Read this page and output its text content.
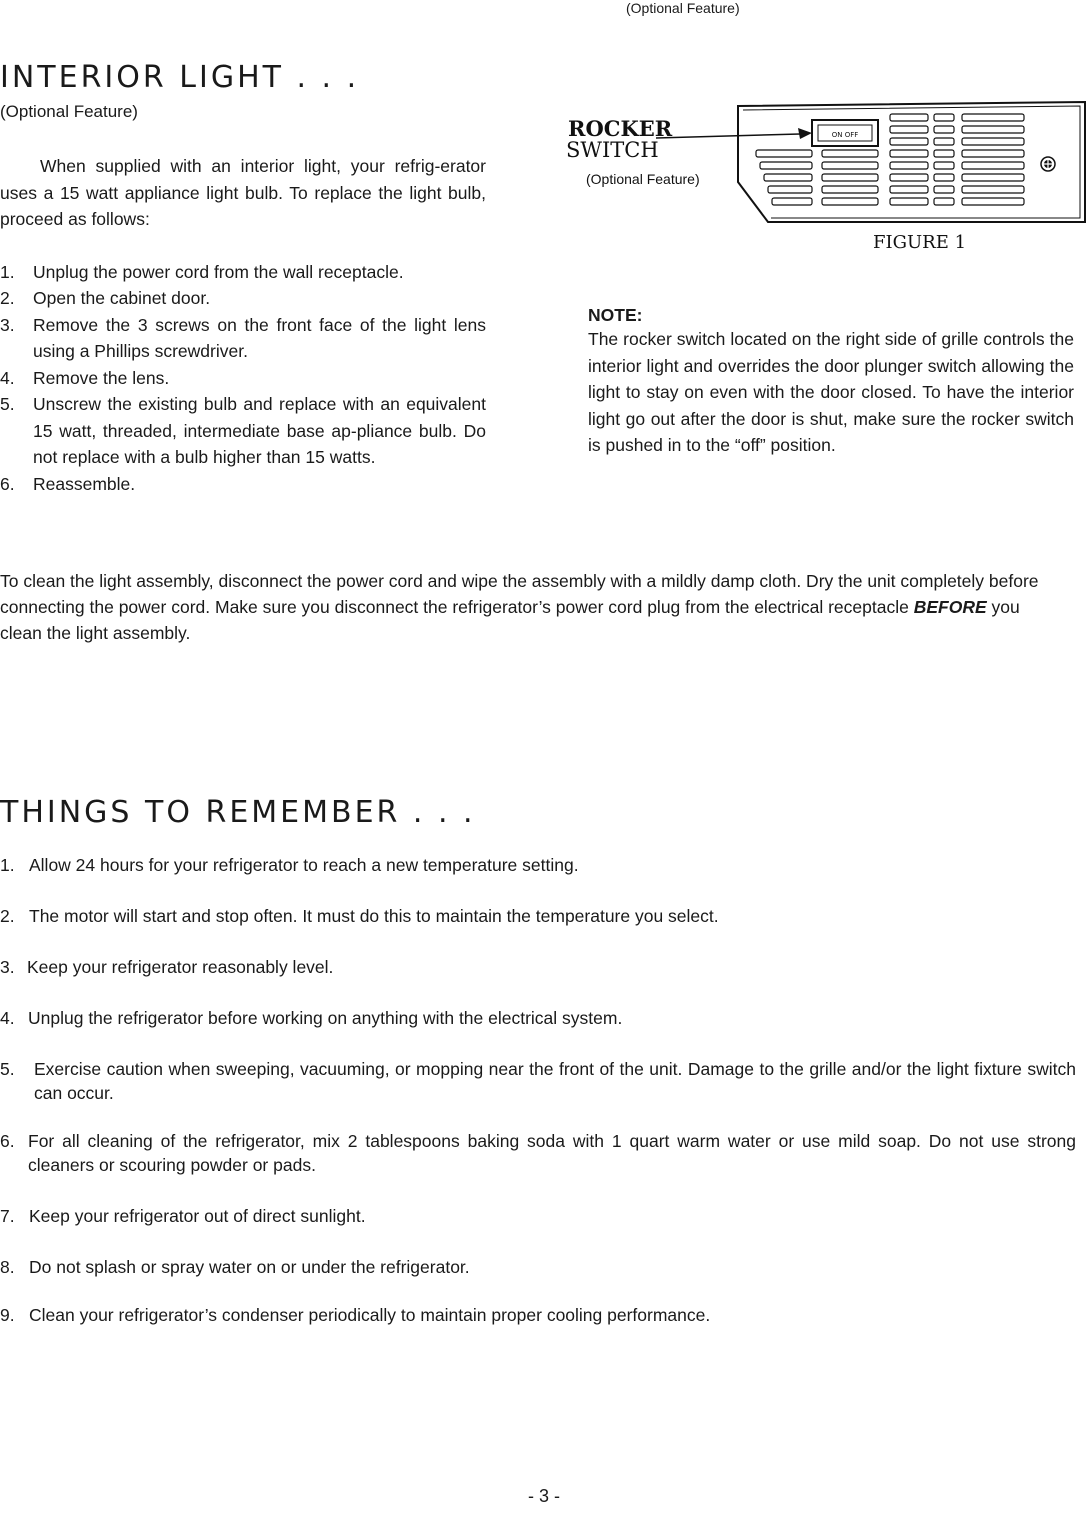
(Optional Feature)
INTERIOR LIGHT . . .
(Optional Feature)

When supplied with an interior light, your refrig-erator uses a 15 watt appliance light bulb. To replace the light bulb, proceed as follows:

1. Unplug the power cord from the wall receptacle.
2. Open the cabinet door.
3. Remove the 3 screws on the front face of the light lens using a Phillips screwdriver.
4. Remove the lens.
5. Unscrew the existing bulb and replace with an equivalent 15 watt, threaded, intermediate base ap-pliance bulb. Do not replace with a bulb higher than 15 watts.
6. Reassemble.
ON OFF
ROCKER
SWITCH
(Optional Feature)
FIGURE 1
NOTE:
The rocker switch located on the right side of grille controls the interior light and overrides the door plunger switch allowing the light to stay on even with the door closed. To have the interior light go out after the door is shut, make sure the rocker switch is pushed in to the “off” position.
To clean the light assembly, disconnect the power cord and wipe the assembly with a mildly damp cloth. Dry the unit completely before connecting the power cord. Make sure you disconnect the refrigerator’s power cord plug from the electrical receptacle BEFORE you clean the light assembly.
THINGS TO REMEMBER . . .
1. Allow 24 hours for your refrigerator to reach a new temperature setting.
2. The motor will start and stop often. It must do this to maintain the temperature you select.
3. Keep your refrigerator reasonably level.
4. Unplug the refrigerator before working on anything with the electrical system.
5.	Exercise caution when sweeping, vacuuming, or mopping near the front of the unit. Damage to the grille and/or the light fixture switch can occur.
6. For all cleaning of the refrigerator, mix 2 tablespoons baking soda with 1 quart warm water or use mild soap. Do not use strong cleaners or scouring powder or pads.
7. Keep your refrigerator out of direct sunlight.
8. Do not splash or spray water on or under the refrigerator.
9. Clean your refrigerator’s condenser periodically to maintain proper cooling performance.
- 3 -
